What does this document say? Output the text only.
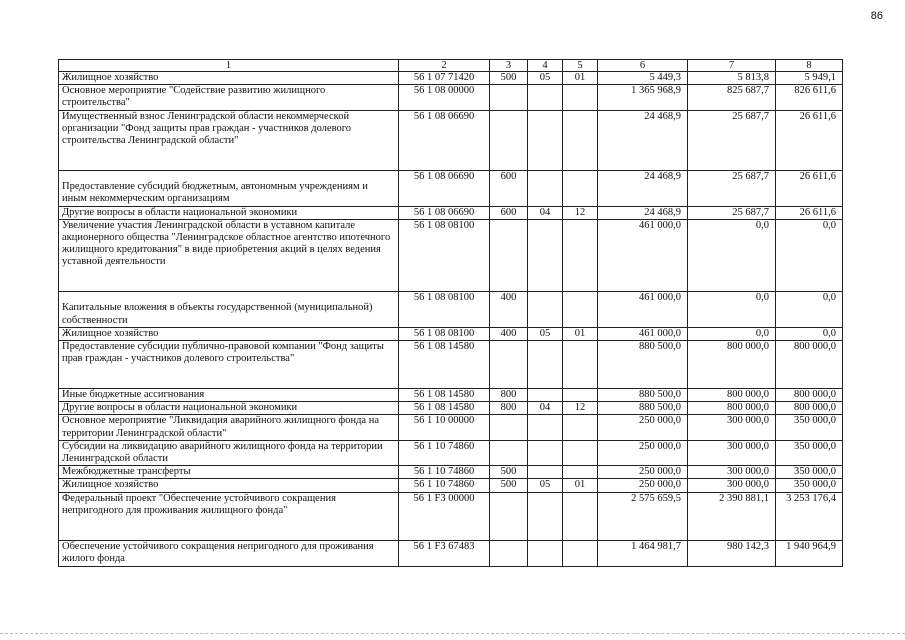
86
1	2	3	4	5	6	7	8
Жилищное хозяйство	56 1 07 71420	500	05	01	5 449,3	5 813,8	5 949,1
Основное мероприятие "Содействие развитию жилищного строительства"	56 1 08 00000				1 365 968,9	825 687,7	826 611,6
Имущественный взнос Ленинградской области некоммерческой организации "Фонд защиты прав граждан - участников долевого строительства Ленинградской области"	56 1 08 06690				24 468,9	25 687,7	26 611,6
Предоставление субсидий бюджетным, автономным учреждениям и иным некоммерческим организациям	56 1 08 06690	600			24 468,9	25 687,7	26 611,6
Другие вопросы в области национальной экономики	56 1 08 06690	600	04	12	24 468,9	25 687,7	26 611,6
Увеличение участия Ленинградской области в уставном капитале акционерного общества "Ленинградское областное агентство ипотечного жилищного кредитования" в виде приобретения акций в целях ведения уставной деятельности	56 1 08 08100				461 000,0	0,0	0,0
Капитальные вложения в объекты государственной (муниципальной) собственности	56 1 08 08100	400			461 000,0	0,0	0,0
Жилищное хозяйство	56 1 08 08100	400	05	01	461 000,0	0,0	0,0
Предоставление субсидии публично-правовой компании "Фонд защиты прав граждан - участников долевого строительства"	56 1 08 14580				880 500,0	800 000,0	800 000,0
Иные бюджетные ассигнования	56 1 08 14580	800			880 500,0	800 000,0	800 000,0
Другие вопросы в области национальной экономики	56 1 08 14580	800	04	12	880 500,0	800 000,0	800 000,0
Основное мероприятие "Ликвидация аварийного жилищного фонда на территории Ленинградской области"	56 1 10 00000				250 000,0	300 000,0	350 000,0
Субсидии на ликвидацию аварийного жилищного фонда на территории Ленинградской области	56 1 10 74860				250 000,0	300 000,0	350 000,0
Межбюджетные трансферты	56 1 10 74860	500			250 000,0	300 000,0	350 000,0
Жилищное хозяйство	56 1 10 74860	500	05	01	250 000,0	300 000,0	350 000,0
Федеральный проект "Обеспечение устойчивого сокращения непригодного для проживания жилищного фонда"	56 1 F3 00000				2 575 659,5	2 390 881,1	3 253 176,4
Обеспечение устойчивого сокращения непригодного для проживания жилого фонда	56 1 F3 67483				1 464 981,7	980 142,3	1 940 964,9
